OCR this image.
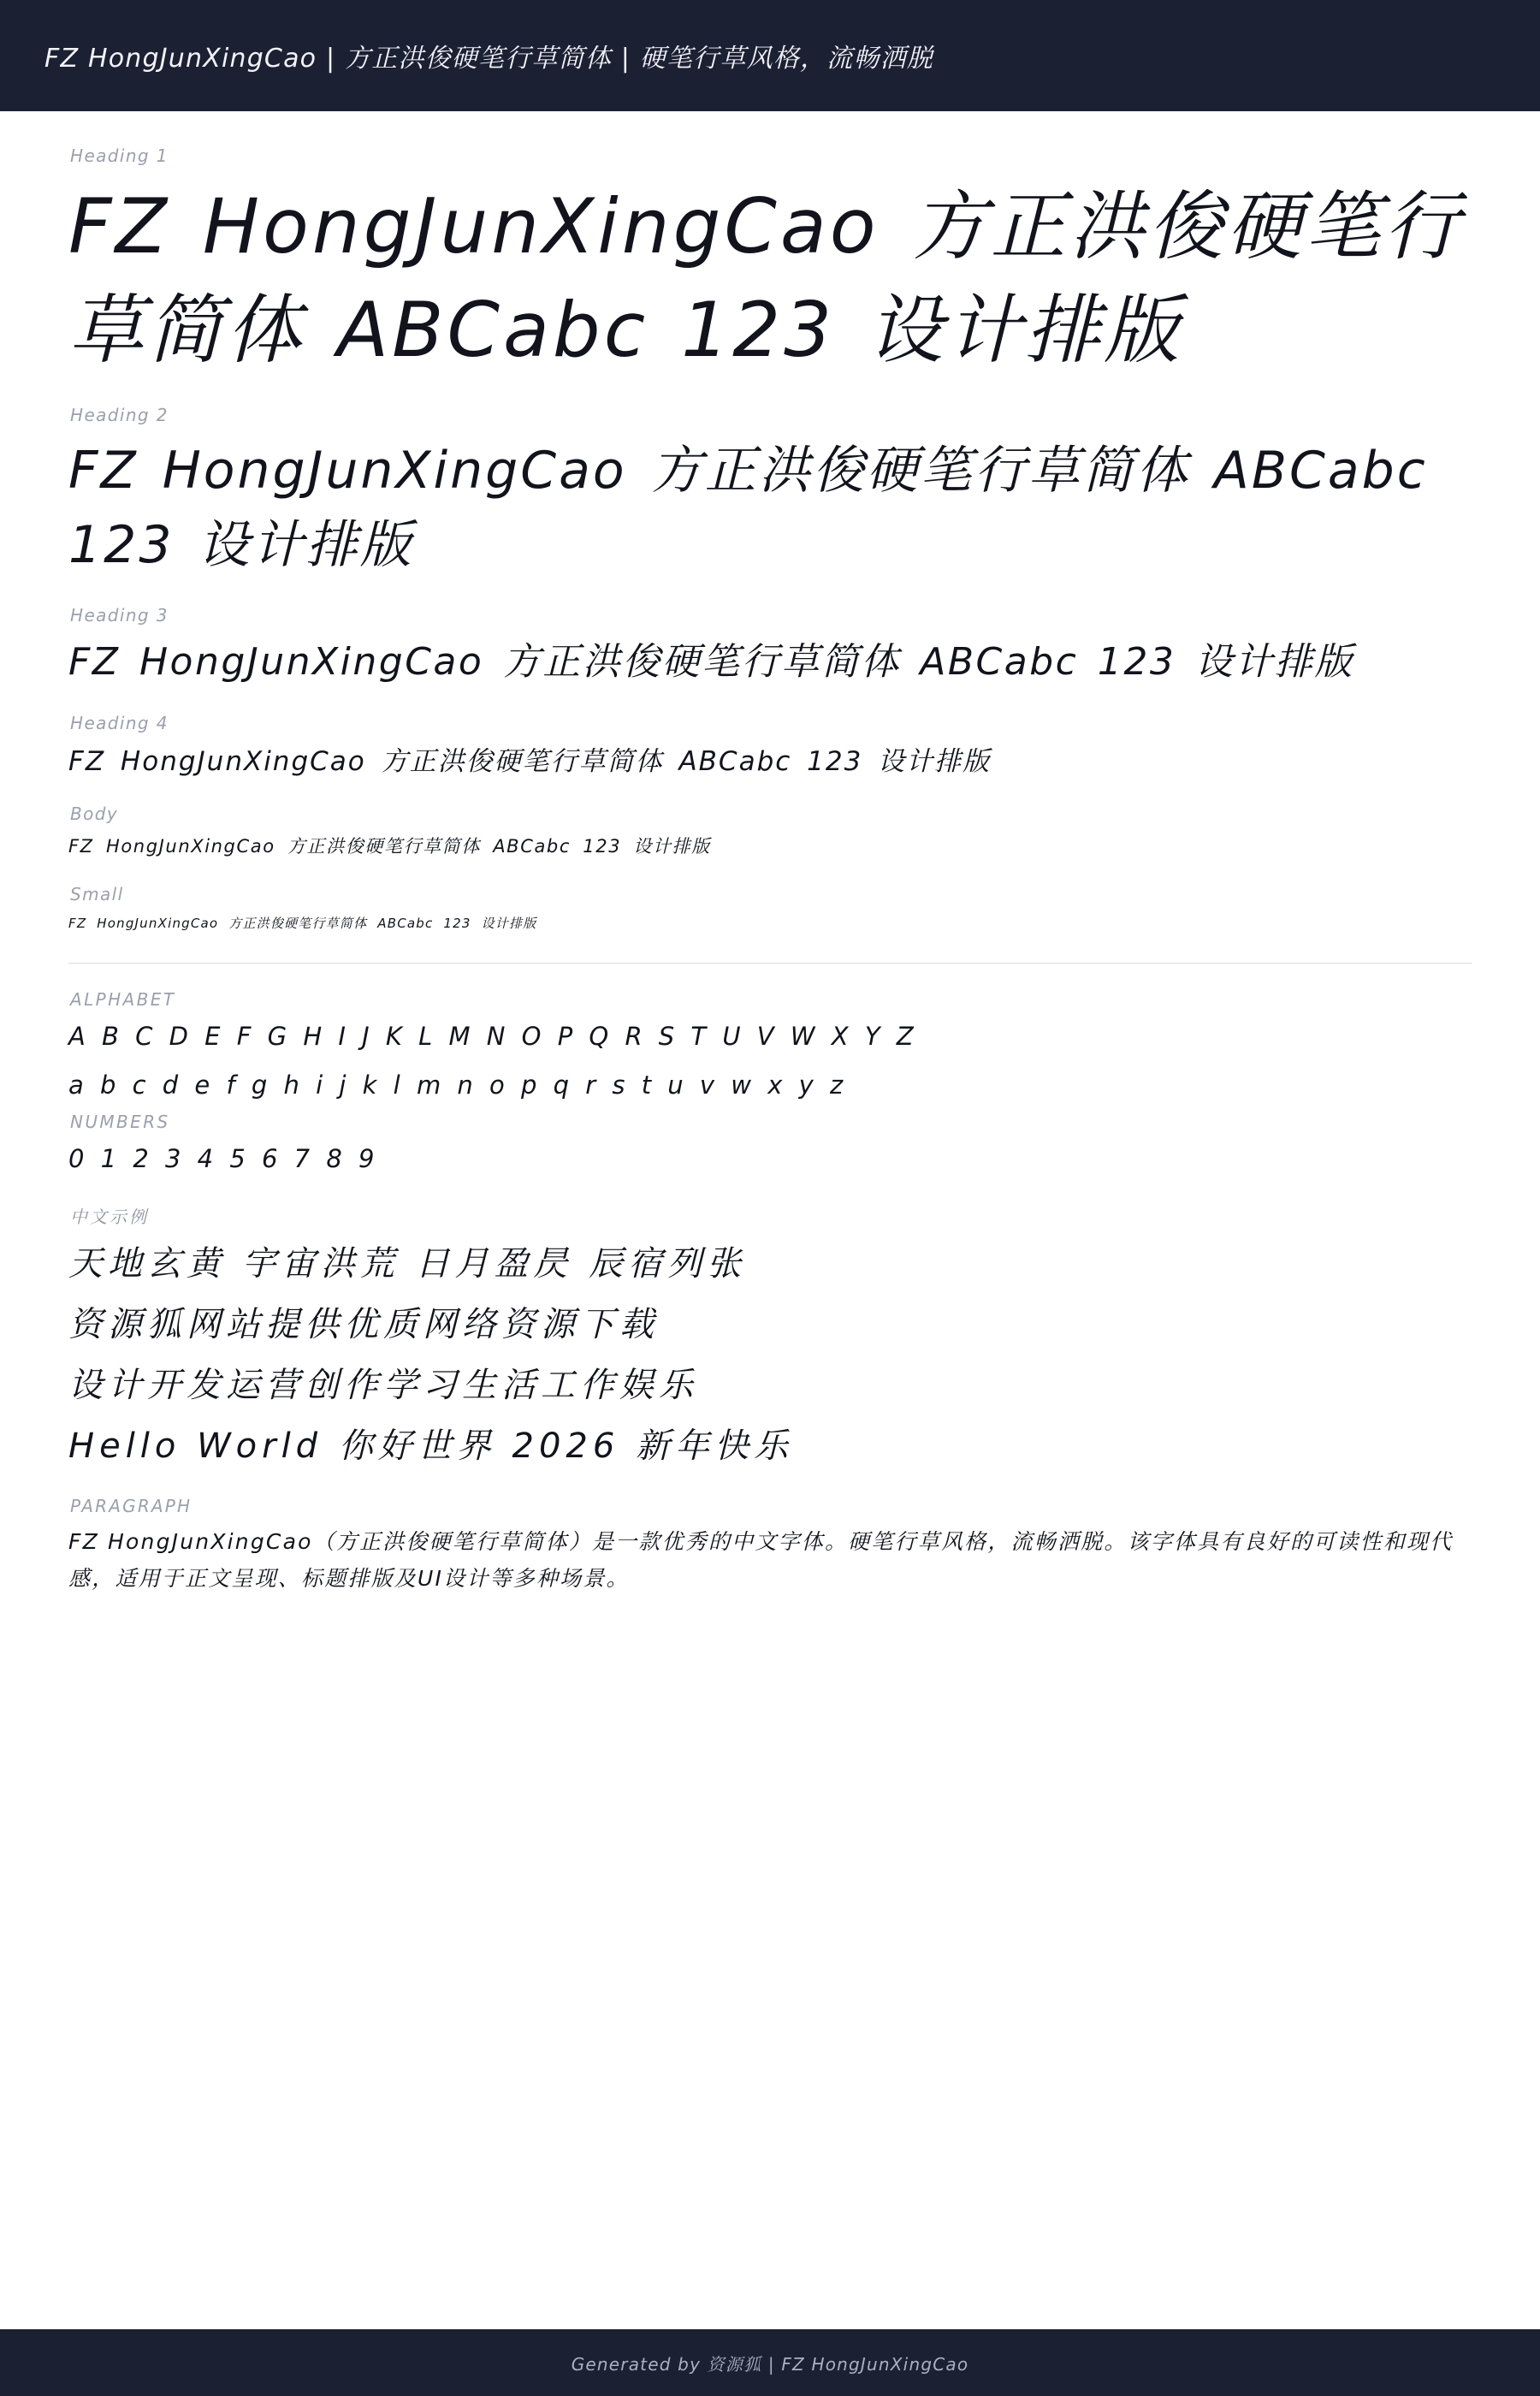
FZ HongJunXingCao | 方正洪俊硬笔行草简体 | 硬笔行草风格，流畅洒脱
Heading 1
FZ HongJunXingCao 方正洪俊硬笔行草简体 ABCabc 123 设计排版
Heading 2
FZ HongJunXingCao 方正洪俊硬笔行草简体 ABCabc 123 设计排版
Heading 3
FZ HongJunXingCao 方正洪俊硬笔行草简体 ABCabc 123 设计排版
Heading 4
FZ HongJunXingCao 方正洪俊硬笔行草简体 ABCabc 123 设计排版
Body
FZ HongJunXingCao 方正洪俊硬笔行草简体 ABCabc 123 设计排版
Small
FZ HongJunXingCao 方正洪俊硬笔行草简体 ABCabc 123 设计排版
ALPHABET
A B C D E F G H I J K L M N O P Q R S T U V W X Y Z
a b c d e f g h i j k l m n o p q r s t u v w x y z
NUMBERS
0 1 2 3 4 5 6 7 8 9
中文示例
天地玄黄 宇宙洪荒 日月盈昃 辰宿列张
资源狐网站提供优质网络资源下载
设计开发运营创作学习生活工作娱乐
Hello World 你好世界 2026 新年快乐
PARAGRAPH

FZ HongJunXingCao（方正洪俊硬笔行草简体）是一款优秀的中文字体。硬笔行草风格，流畅洒脱。该字体具有良好的可读性和现代感，适用于正文呈现、标题排版及UI设计等多种场景。

Generated by 资源狐 | FZ HongJunXingCao
